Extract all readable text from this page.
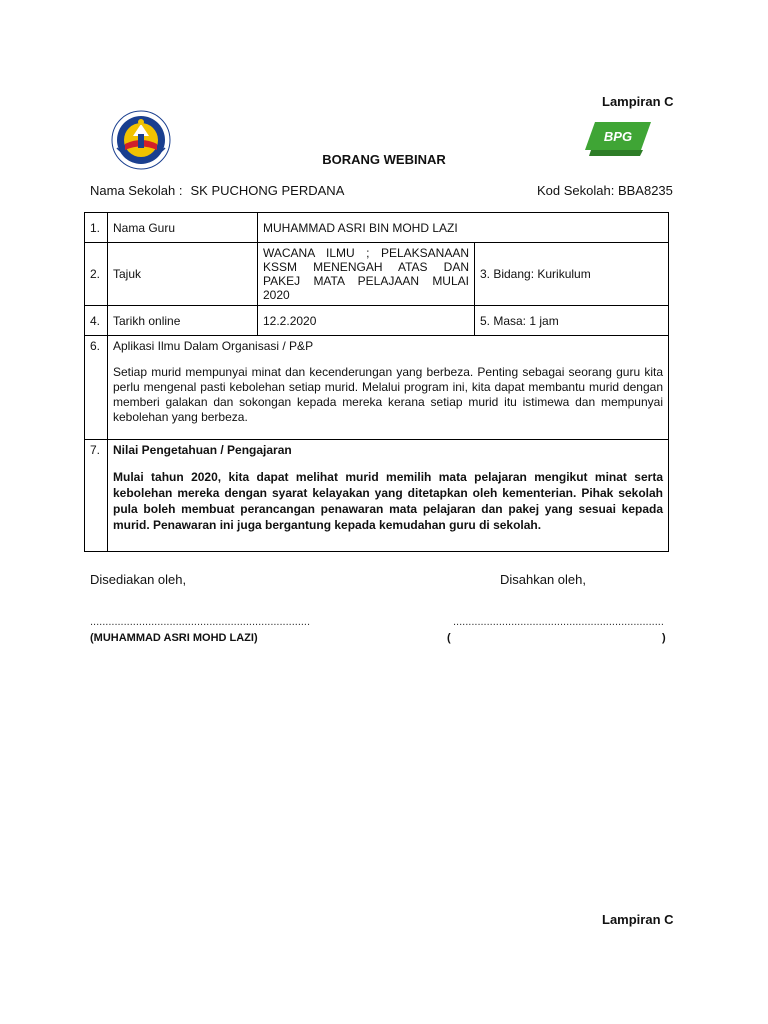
Lampiran C
BPG
BORANG WEBINAR
Nama Sekolah : SK PUCHONG PERDANA	Kod Sekolah: BBA8235
1.	Nama Guru	MUHAMMAD ASRI BIN MOHD LAZI	
2.	Tajuk	WACANA ILMU ; PELAKSANAAN KSSM MENENGAH ATAS DAN PAKEJ MATA PELAJAAN MULAI 2020	3. Bidang: Kurikulum
4.	Tarikh online	12.2.2020	5. Masa: 1 jam
6.	Aplikasi Ilmu Dalam Organisasi / P&P

Setiap murid mempunyai minat dan kecenderungan yang berbeza. Penting sebagai seorang guru kita perlu mengenal pasti kebolehan setiap murid. Melalui program ini, kita dapat membantu murid dengan memberi galakan dan sokongan kepada mereka kerana setiap murid itu istimewa dan mempunyai kebolehan yang berbeza.		

7.	Nilai Pengetahuan / Pengajaran

Mulai tahun 2020, kita dapat melihat murid memilih mata pelajaran mengikut minat serta kebolehan mereka dengan syarat kelayakan yang ditetapkan oleh kementerian. Pihak sekolah pula boleh membuat perancangan penawaran mata pelajaran dan pakej yang sesuai kepada murid. Penawaran ini juga bergantung kepada kemudahan guru di sekolah.		

Disediakan oleh,	Disahkan oleh,
........................................................................	.....................................................................
(MUHAMMAD ASRI MOHD LAZI)	(	)
Lampiran C
